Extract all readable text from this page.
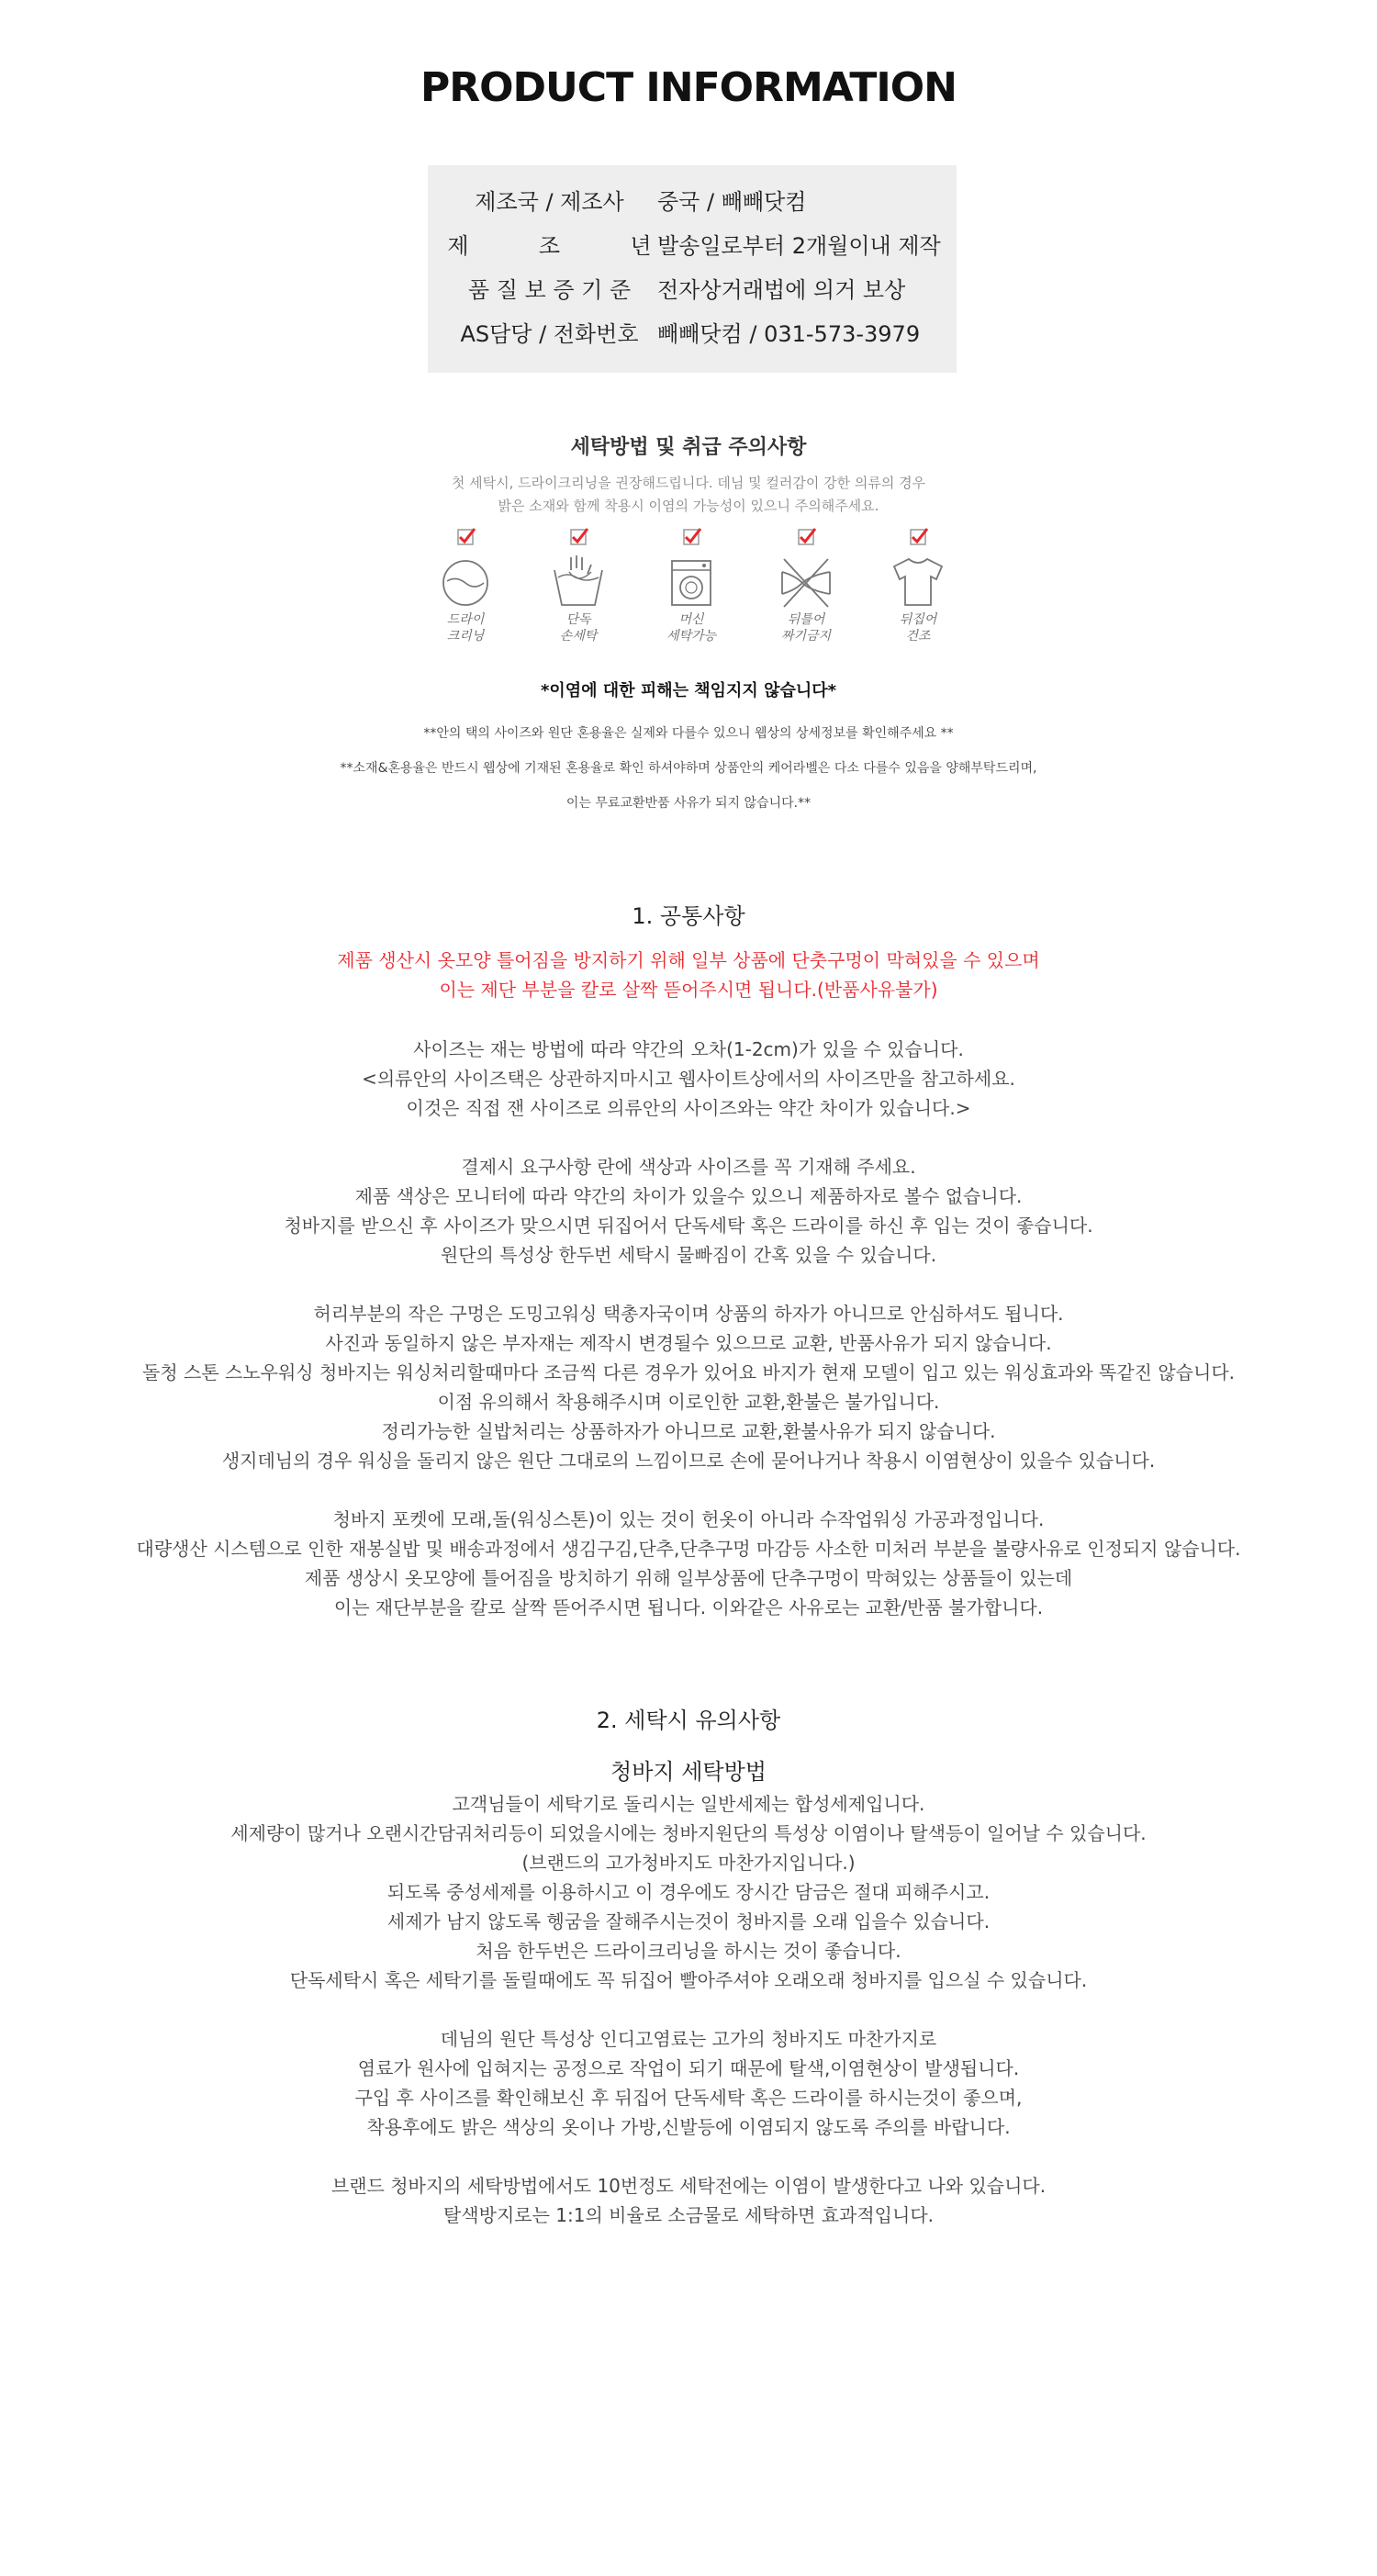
PRODUCT INFORMATION
제조국 / 제조사	중국 / 빼빼닷컴
제          조          년 발송일로부터 2개월이내 제작
품 질 보 증 기 준	전자상거래법에 의거 보상
AS담당 / 전화번호 빼빼닷컴 / 031-573-3979
세탁방법 및 취급 주의사항
첫 세탁시, 드라이크리닝을 권장해드립니다. 데님 및 컬러감이 강한 의류의 경우
밝은 소재와 함께 착용시 이염의 가능성이 있으니 주의해주세요.
드라이
크리닝
단독
손세탁
머신
세탁가능
뒤틀어
짜기금지
뒤집어
건조
*이염에 대한 피해는 책임지지 않습니다*
**안의 택의 사이즈와 원단 혼용율은 실제와 다를수 있으니 웹상의 상세정보를 확인해주세요 **
**소재&혼용율은 반드시 웹상에 기재된 혼용율로 확인 하셔야하며 상품안의 케어라벨은 다소 다를수 있음을 양해부탁드리며,
이는 무료교환반품 사유가 되지 않습니다.**
1. 공통사항
제품 생산시 옷모양 틀어짐을 방지하기 위해 일부 상품에 단춧구멍이 막혀있을 수 있으며
이는 제단 부분을 칼로 살짝 뜯어주시면 됩니다.(반품사유불가)
사이즈는 재는 방법에 따라 약간의 오차(1-2cm)가 있을 수 있습니다.
<의류안의 사이즈택은 상관하지마시고 웹사이트상에서의 사이즈만을 참고하세요.
이것은 직접 잰 사이즈로 의류안의 사이즈와는 약간 차이가 있습니다.>
결제시 요구사항 란에 색상과 사이즈를 꼭 기재해 주세요.
제품 색상은 모니터에 따라 약간의 차이가 있을수 있으니 제품하자로 볼수 없습니다.
청바지를 받으신 후 사이즈가 맞으시면 뒤집어서 단독세탁 혹은 드라이를 하신 후 입는 것이 좋습니다.
원단의 특성상 한두번 세탁시 물빠짐이 간혹 있을 수 있습니다.
허리부분의 작은 구멍은 도밍고워싱 택총자국이며 상품의 하자가 아니므로 안심하셔도 됩니다.
사진과 동일하지 않은 부자재는 제작시 변경될수 있으므로 교환, 반품사유가 되지 않습니다.
돌청 스톤 스노우워싱 청바지는 워싱처리할때마다 조금씩 다른 경우가 있어요 바지가 현재 모델이 입고 있는 워싱효과와 똑같진 않습니다.
이점 유의해서 착용해주시며 이로인한 교환,환불은 불가입니다.
정리가능한 실밥처리는 상품하자가 아니므로 교환,환불사유가 되지 않습니다.
생지데님의 경우 워싱을 돌리지 않은 원단 그대로의 느낌이므로 손에 묻어나거나 착용시 이염현상이 있을수 있습니다.
청바지 포켓에 모래,돌(워싱스톤)이 있는 것이 헌옷이 아니라 수작업워싱 가공과정입니다.
대량생산 시스템으로 인한 재봉실밥 및 배송과정에서 생김구김,단추,단추구멍 마감등 사소한 미처러 부분을 불량사유로 인정되지 않습니다.
제품 생상시 옷모양에 틀어짐을 방치하기 위해 일부상품에 단추구멍이 막혀있는 상품들이 있는데
이는 재단부분을 칼로 살짝 뜯어주시면 됩니다. 이와같은 사유로는 교환/반품 불가합니다.
2. 세탁시 유의사항
청바지 세탁방법
고객님들이 세탁기로 돌리시는 일반세제는 합성세제입니다.
세제량이 많거나 오랜시간담궈처리등이 되었을시에는 청바지원단의 특성상 이염이나 탈색등이 일어날 수 있습니다.
(브랜드의 고가청바지도 마찬가지입니다.)
되도록 중성세제를 이용하시고 이 경우에도 장시간 담금은 절대 피해주시고.
세제가 남지 않도록 헹굼을 잘해주시는것이 청바지를 오래 입을수 있습니다.
처음 한두번은 드라이크리닝을 하시는 것이 좋습니다.
단독세탁시 혹은 세탁기를 돌릴때에도 꼭 뒤집어 빨아주셔야 오래오래 청바지를 입으실 수 있습니다.
데님의 원단 특성상 인디고염료는 고가의 청바지도 마찬가지로
염료가 원사에 입혀지는 공정으로 작업이 되기 때문에 탈색,이염현상이 발생됩니다.
구입 후 사이즈를 확인해보신 후 뒤집어 단독세탁 혹은 드라이를 하시는것이 좋으며,
착용후에도 밝은 색상의 옷이나 가방,신발등에 이염되지 않도록 주의를 바랍니다.
브랜드 청바지의 세탁방법에서도 10번정도 세탁전에는 이염이 발생한다고 나와 있습니다.
탈색방지로는 1:1의 비율로 소금물로 세탁하면 효과적입니다.
